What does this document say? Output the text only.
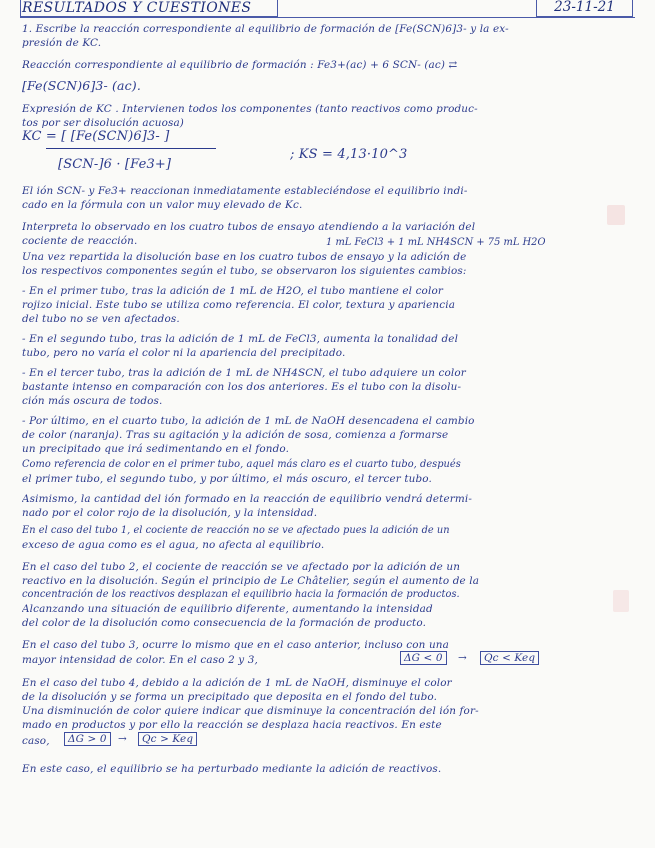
RESULTADOS Y CUESTIONES	23-11-21
1. Escribe la reacción correspondiente al equilibrio de formación de [Fe(SCN)6]3- y la ex-
presión de KC.
Reacción correspondiente al equilibrio de formación : Fe3+(ac) + 6 SCN- (ac) ⇄
[Fe(SCN)6]3- (ac).
Expresión de KC . Intervienen todos los componentes (tanto reactivos como produc-
tos por ser disolución acuosa)
KC = [ [Fe(SCN)6]3- ]
; KS = 4,13·10^3
[SCN-]6 · [Fe3+]
El ión SCN- y Fe3+ reaccionan inmediatamente estableciéndose el equilibrio indi-
cado en la fórmula con un valor muy elevado de Kc.
Interpreta lo observado en los cuatro tubos de ensayo atendiendo a la variación del
cociente de reacción.	1 mL FeCl3 + 1 mL NH4SCN + 75 mL H2O
Una vez repartida la disolución base en los cuatro tubos de ensayo y la adición de
los respectivos componentes según el tubo, se observaron los siguientes cambios:
- En el primer tubo, tras la adición de 1 mL de H2O, el tubo mantiene el color
rojizo inicial. Este tubo se utiliza como referencia. El color, textura y apariencia
del tubo no se ven afectados.
- En el segundo tubo, tras la adición de 1 mL de FeCl3, aumenta la tonalidad del
tubo, pero no varía el color ni la apariencia del precipitado.
- En el tercer tubo, tras la adición de 1 mL de NH4SCN, el tubo adquiere un color
bastante intenso en comparación con los dos anteriores. Es el tubo con la disolu-
ción más oscura de todos.
- Por último, en el cuarto tubo, la adición de 1 mL de NaOH desencadena el cambio
de color (naranja). Tras su agitación y la adición de sosa, comienza a formarse
un precipitado que irá sedimentando en el fondo.
Como referencia de color en el primer tubo, aquel más claro es el cuarto tubo, después
el primer tubo, el segundo tubo, y por último, el más oscuro, el tercer tubo.
Asimismo, la cantidad del ión formado en la reacción de equilibrio vendrá determi-
nado por el color rojo de la disolución, y la intensidad.
En el caso del tubo 1, el cociente de reacción no se ve afectado pues la adición de un
exceso de agua como es el agua, no afecta al equilibrio.
En el caso del tubo 2, el cociente de reacción se ve afectado por la adición de un
reactivo en la disolución. Según el principio de Le Châtelier, según el aumento de la
concentración de los reactivos desplazan el equilibrio hacia la formación de productos.
Alcanzando una situación de equilibrio diferente, aumentando la intensidad
del color de la disolución como consecuencia de la formación de producto.
En el caso del tubo 3, ocurre lo mismo que en el caso anterior, incluso con una
mayor intensidad de color. En el caso 2 y 3,	ΔG < 0	→	Qc < Keq
En el caso del tubo 4, debido a la adición de 1 mL de NaOH, disminuye el color
de la disolución y se forma un precipitado que deposita en el fondo del tubo.
Una disminución de color quiere indicar que disminuye la concentración del ión for-
mado en productos y por ello la reacción se desplaza hacia reactivos. En este
caso,	ΔG > 0	→	Qc > Keq
En este caso, el equilibrio se ha perturbado mediante la adición de reactivos.
